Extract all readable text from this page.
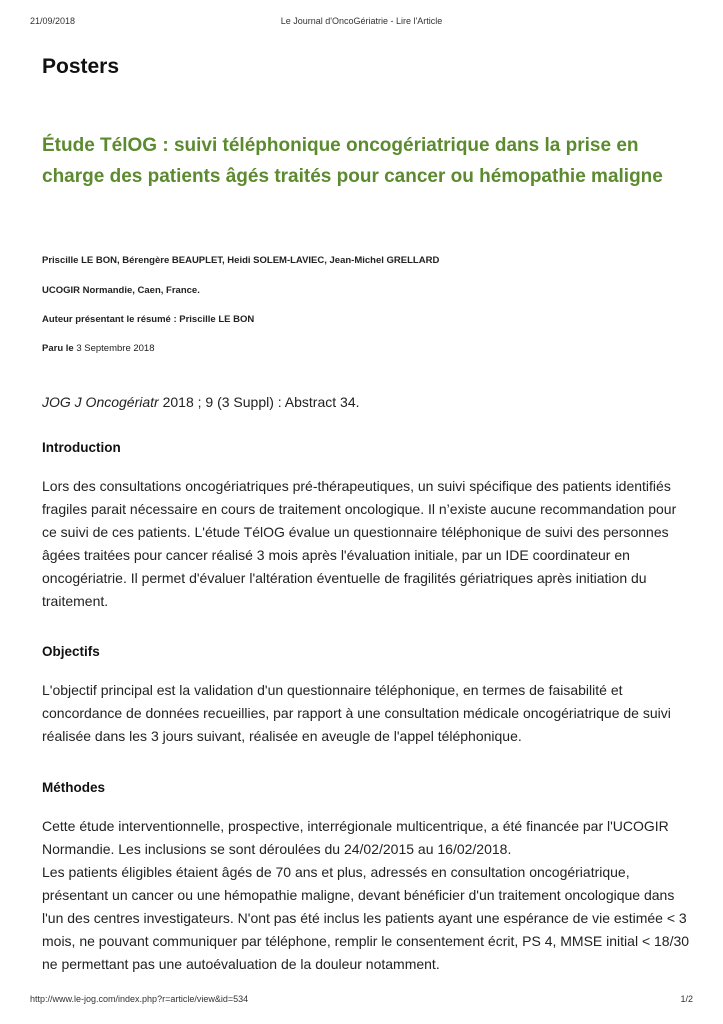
21/09/2018	Le Journal d'OncoGériatrie - Lire l'Article
Posters
Étude TélOG : suivi téléphonique oncogériatrique dans la prise en charge des patients âgés traités pour cancer ou hémopathie maligne
Priscille LE BON, Bérengère BEAUPLET, Heidi SOLEM-LAVIEC, Jean-Michel GRELLARD
UCOGIR Normandie, Caen, France.
Auteur présentant le résumé : Priscille LE BON
Paru le 3 Septembre 2018
JOG J Oncogériatr 2018 ; 9 (3 Suppl) : Abstract 34.
Introduction

Lors des consultations oncogériatriques pré-thérapeutiques, un suivi spécifique des patients identifiés fragiles parait nécessaire en cours de traitement oncologique. Il n’existe aucune recommandation pour ce suivi de ces patients. L'étude TélOG évalue un questionnaire téléphonique de suivi des personnes âgées traitées pour cancer réalisé 3 mois après l'évaluation initiale, par un IDE coordinateur en oncogériatrie. Il permet d'évaluer l'altération éventuelle de fragilités gériatriques après initiation du traitement.

Objectifs

L'objectif principal est la validation d'un questionnaire téléphonique, en termes de faisabilité et concordance de données recueillies, par rapport à une consultation médicale oncogériatrique de suivi réalisée dans les 3 jours suivant, réalisée en aveugle de l'appel téléphonique.

Méthodes

Cette étude interventionnelle, prospective, interrégionale multicentrique, a été financée par l'UCOGIR Normandie. Les inclusions se sont déroulées du 24/02/2015 au 16/02/2018.

Les patients éligibles étaient âgés de 70 ans et plus, adressés en consultation oncogériatrique, présentant un cancer ou une hémopathie maligne, devant bénéficier d'un traitement oncologique dans l'un des centres investigateurs. N'ont pas été inclus les patients ayant une espérance de vie estimée < 3 mois, ne pouvant communiquer par téléphone, remplir le consentement écrit, PS 4, MMSE initial < 18/30 ne permettant pas une autoévaluation de la douleur notamment.

http://www.le-jog.com/index.php?r=article/view&id=534	1/2
